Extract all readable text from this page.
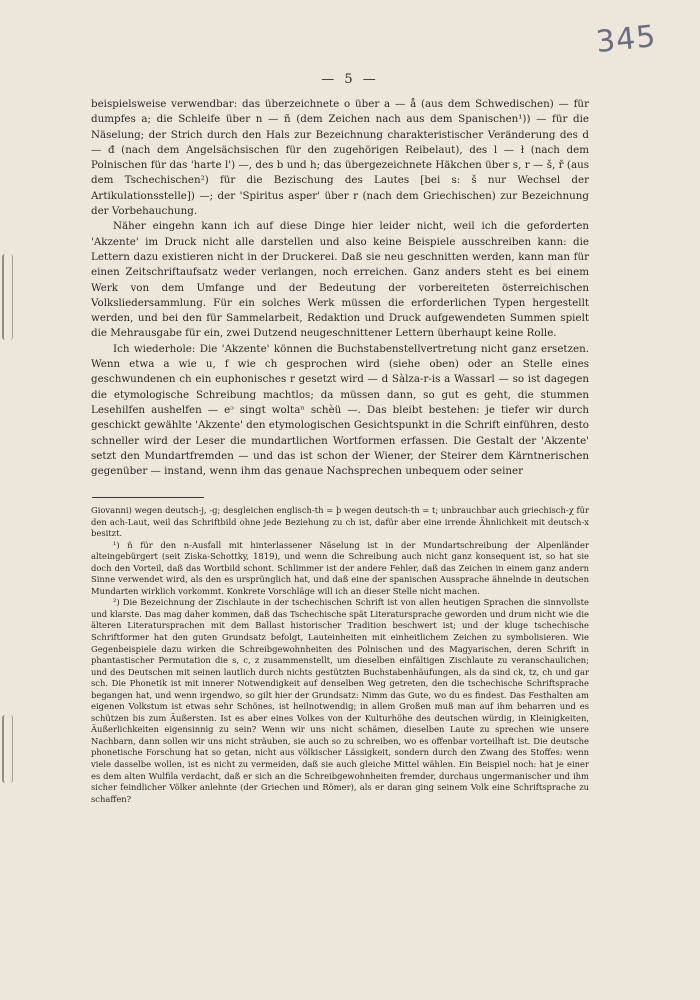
345
— 5 —

beispielsweise verwendbar: das überzeichnete o über a — å (aus dem Schwedischen) — für dumpfes a; die Schleife über n — ñ (dem Zeichen nach aus dem Spanischen¹)) — für die Näselung; der Strich durch den Hals zur Bezeichnung charakteristischer Veränderung des d — đ (nach dem Angelsächsischen für den zugehörigen Reibelaut), des l — ł (nach dem Polnischen für das 'harte l') —, des b und h; das übergezeichnete Häkchen über s, r — š, ř (aus dem Tschechischen²) für die Bezischung des Lautes [bei s: š nur Wechsel der Artikulationsstelle]) —; der 'Spiritus asper' über r (nach dem Griechischen) zur Bezeichnung der Vorbehauchung.

Näher eingehn kann ich auf diese Dinge hier leider nicht, weil ich die geforderten 'Akzente' im Druck nicht alle darstellen und also keine Beispiele ausschreiben kann: die Lettern dazu existieren nicht in der Druckerei. Daß sie neu geschnitten werden, kann man für einen Zeitschriftaufsatz weder verlangen, noch erreichen. Ganz anders steht es bei einem Werk von dem Umfange und der Bedeutung der vorbereiteten österreichischen Volksliedersammlung. Für ein solches Werk müssen die erforderlichen Typen hergestellt werden, und bei den für Sammelarbeit, Redaktion und Druck aufgewendeten Summen spielt die Mehrausgabe für ein, zwei Dutzend neugeschnittener Lettern überhaupt keine Rolle.

Ich wiederhole: Die 'Akzente' können die Buchstabenstellvertretung nicht ganz ersetzen. Wenn etwa a wie u, f wie ch gesprochen wird (siehe oben) oder an Stelle eines geschwundenen ch ein euphonisches r gesetzt wird — d Sàlza-r-is a Wassarl — so ist dagegen die etymologische Schreibung machtlos; da müssen dann, so gut es geht, die stummen Lesehilfen aushelfen — eᵓ singt woltaⁿ schèü —. Das bleibt bestehen: je tiefer wir durch geschickt gewählte 'Akzente' den etymologischen Gesichtspunkt in die Schrift einführen, desto schneller wird der Leser die mundartlichen Wortformen erfassen. Die Gestalt der 'Akzente' setzt den Mundartfremden — und das ist schon der Wiener, der Steirer dem Kärntnerischen gegenüber — instand, wenn ihm das genaue Nachsprechen unbequem oder seiner

Giovanni) wegen deutsch-j, -g; desgleichen englisch-th = þ wegen deutsch-th = t; unbrauchbar auch griechisch-χ für den ach-Laut, weil das Schriftbild ohne jede Beziehung zu ch ist, dafür aber eine irrende Ähnlichkeit mit deutsch-x besitzt.

¹) ñ für den n-Ausfall mit hinterlassener Näselung ist in der Mundartschreibung der Alpenländer alteingebürgert (seit Ziska-Schottky, 1819), und wenn die Schreibung auch nicht ganz konsequent ist, so hat sie doch den Vorteil, daß das Wortbild schont. Schlimmer ist der andere Fehler, daß das Zeichen in einem ganz andern Sinne verwendet wird, als den es ursprünglich hat, und daß eine der spanischen Aussprache ähnelnde in deutschen Mundarten wirklich vorkommt. Konkrete Vorschläge will ich an dieser Stelle nicht machen.

²) Die Bezeichnung der Zischlaute in der tschechischen Schrift ist von allen heutigen Sprachen die sinnvollste und klarste. Das mag daher kommen, daß das Tschechische spät Literatursprache geworden und drum nicht wie die älteren Literatursprachen mit dem Ballast historischer Tradition beschwert ist; und der kluge tschechische Schriftformer hat den guten Grundsatz befolgt, Lauteinheiten mit einheitlichem Zeichen zu symbolisieren. Wie Gegenbeispiele dazu wirken die Schreibgewohnheiten des Polnischen und des Magyarischen, deren Schrift in phantastischer Permutation die s, c, z zusammenstellt, um dieselben einfältigen Zischlaute zu veranschaulichen; und des Deutschen mit seinen lautlich durch nichts gestützten Buchstabenhäufungen, als da sind ck, tz, ch und gar sch. Die Phonetik ist mit innerer Notwendigkeit auf denselben Weg getreten, den die tschechische Schriftsprache begangen hat, und wenn irgendwo, so gilt hier der Grundsatz: Nimm das Gute, wo du es findest. Das Festhalten am eigenen Volkstum ist etwas sehr Schönes, ist heilnotwendig; in allem Großen muß man auf ihm beharren und es schützen bis zum Äußersten. Ist es aber eines Volkes von der Kulturhöhe des deutschen würdig, in Kleinigkeiten, Äußerlichkeiten eigensinnig zu sein? Wenn wir uns nicht schämen, dieselben Laute zu sprechen wie unsere Nachbarn, dann sollen wir uns nicht sträuben, sie auch so zu schreiben, wo es offenbar vorteilhaft ist. Die deutsche phonetische Forschung hat so getan, nicht aus völkischer Lässigkeit, sondern durch den Zwang des Stoffes: wenn viele dasselbe wollen, ist es nicht zu vermeiden, daß sie auch gleiche Mittel wählen. Ein Beispiel noch: hat je einer es dem alten Wulfila verdacht, daß er sich an die Schreibgewohnheiten fremder, durchaus ungermanischer und ihm sicher feindlicher Völker anlehnte (der Griechen und Römer), als er daran ging seinem Volk eine Schriftsprache zu schaffen?
